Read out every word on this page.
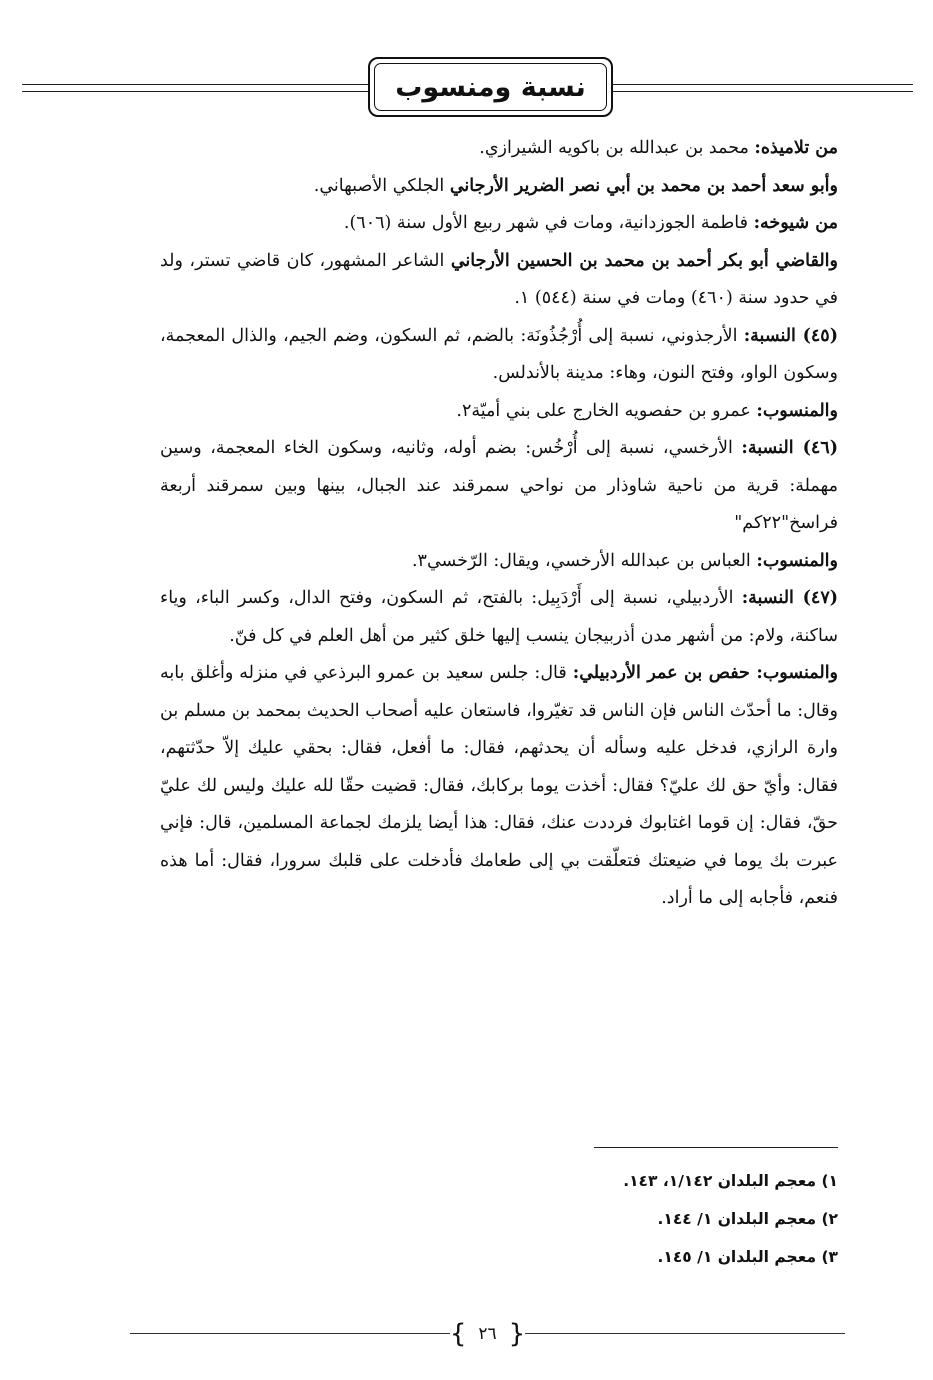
نسبة ومنسوب

من تلاميذه: محمد بن عبدالله بن باكويه الشيرازي.

وأبو سعد أحمد بن محمد بن أبي نصر الضرير الأرجاني الجلكي الأصبهاني.

من شيوخه: فاطمة الجوزدانية، ومات في شهر ربيع الأول سنة (٦٠٦).

والقاضي أبو بكر أحمد بن محمد بن الحسين الأرجاني الشاعر المشهور، كان قاضي تستر، ولد في حدود سنة (٤٦٠) ومات في سنة (٥٤٤) ١.

(٤٥) النسبة: الأرجذوني، نسبة إلى أُرْجُذُونَة: بالضم، ثم السكون، وضم الجيم، والذال المعجمة، وسكون الواو، وفتح النون، وهاء: مدينة بالأندلس.

والمنسوب: عمرو بن حفصويه الخارج على بني أميّة٢.

(٤٦) النسبة: الأرخسي، نسبة إلى أُرْخُس: بضم أوله، وثانيه، وسكون الخاء المعجمة، وسين مهملة: قرية من ناحية شاوذار من نواحي سمرقند عند الجبال، بينها وبين سمرقند أربعة فراسخ"٢٢كم"

والمنسوب: العباس بن عبدالله الأرخسي، ويقال: الرّخسي٣.

(٤٧) النسبة: الأردبيلي، نسبة إلى أَرْدَبِيل: بالفتح، ثم السكون، وفتح الدال، وكسر الباء، وياء ساكنة، ولام: من أشهر مدن أذربيجان ينسب إليها خلق كثير من أهل العلم في كل فنّ.

والمنسوب: حفص بن عمر الأردبيلي: قال: جلس سعيد بن عمرو البرذعي في منزله وأغلق بابه وقال: ما أحدّث الناس فإن الناس قد تغيّروا، فاستعان عليه أصحاب الحديث بمحمد بن مسلم بن وارة الرازي، فدخل عليه وسأله أن يحدثهم، فقال: ما أفعل، فقال: بحقي عليك إلاّ حدّثتهم، فقال: وأيّ حق لك عليّ؟ فقال: أخذت يوما بركابك، فقال: قضيت حقّا لله عليك وليس لك عليّ حقّ، فقال: إن قوما اغتابوك فرددت عنك، فقال: هذا أيضا يلزمك لجماعة المسلمين، قال: فإني عبرت بك يوما في ضيعتك فتعلّقت بي إلى طعامك فأدخلت على قلبك سرورا، فقال: أما هذه فنعم، فأجابه إلى ما أراد.

١) معجم البلدان ١/١٤٢، ١٤٣.

٢) معجم البلدان ١/ ١٤٤.

٣) معجم البلدان ١/ ١٤٥.

{ ٢٦ }
